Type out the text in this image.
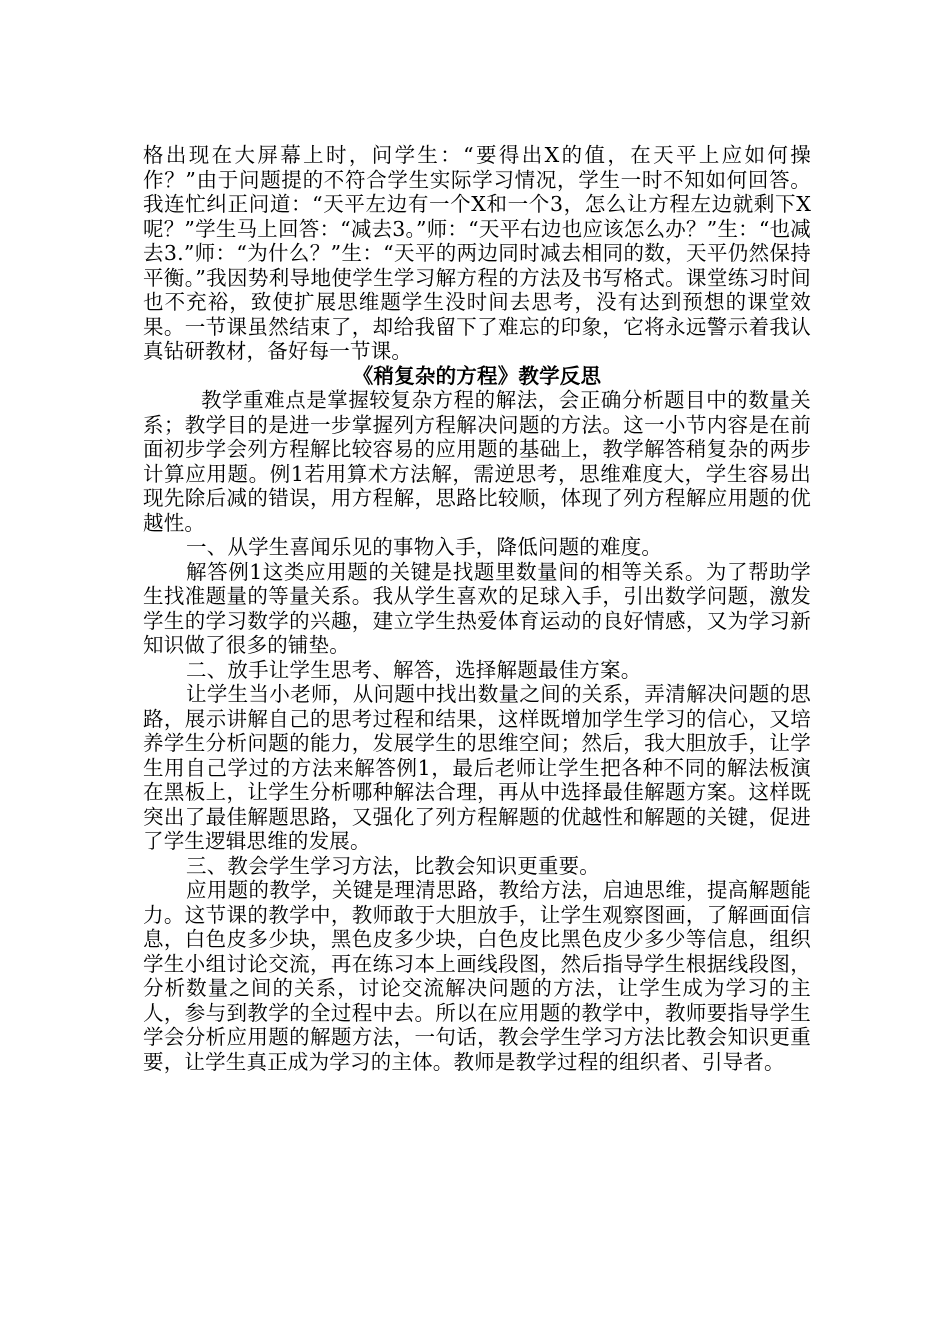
格出现在大屏幕上时，问学生：“要得出X的值，在天平上应如何操作？”由于问题提的不符合学生实际学习情况，学生一时不知如何回答。我连忙纠正问道：“天平左边有一个X和一个3，怎么让方程左边就剩下X呢？”学生马上回答：“减去3。”师：“天平右边也应该怎么办？”生：“也减去3.”师：“为什么？”生：“天平的两边同时减去相同的数，天平仍然保持平衡。”我因势利导地使学生学习解方程的方法及书写格式。课堂练习时间也不充裕，致使扩展思维题学生没时间去思考，没有达到预想的课堂效果。一节课虽然结束了，却给我留下了难忘的印象，它将永远警示着我认真钻研教材，备好每一节课。

《稍复杂的方程》教学反思

教学重难点是掌握较复杂方程的解法，会正确分析题目中的数量关系；教学目的是进一步掌握列方程解决问题的方法。这一小节内容是在前面初步学会列方程解比较容易的应用题的基础上，教学解答稍复杂的两步计算应用题。例1若用算术方法解，需逆思考，思维难度大，学生容易出现先除后减的错误，用方程解，思路比较顺，体现了列方程解应用题的优越性。

一、从学生喜闻乐见的事物入手，降低问题的难度。

解答例1这类应用题的关键是找题里数量间的相等关系。为了帮助学生找准题量的等量关系。我从学生喜欢的足球入手，引出数学问题，激发学生的学习数学的兴趣，建立学生热爱体育运动的良好情感，又为学习新知识做了很多的铺垫。

二、放手让学生思考、解答，选择解题最佳方案。

让学生当小老师，从问题中找出数量之间的关系，弄清解决问题的思路，展示讲解自己的思考过程和结果，这样既增加学生学习的信心，又培养学生分析问题的能力，发展学生的思维空间；然后，我大胆放手，让学生用自己学过的方法来解答例1，最后老师让学生把各种不同的解法板演在黑板上，让学生分析哪种解法合理，再从中选择最佳解题方案。这样既突出了最佳解题思路，又强化了列方程解题的优越性和解题的关键，促进了学生逻辑思维的发展。

三、教会学生学习方法，比教会知识更重要。

应用题的教学，关键是理清思路，教给方法，启迪思维，提高解题能力。这节课的教学中，教师敢于大胆放手，让学生观察图画，了解画面信息，白色皮多少块，黑色皮多少块，白色皮比黑色皮少多少等信息，组织学生小组讨论交流，再在练习本上画线段图，然后指导学生根据线段图，分析数量之间的关系，讨论交流解决问题的方法，让学生成为学习的主人，参与到教学的全过程中去。所以在应用题的教学中，教师要指导学生学会分析应用题的解题方法，一句话，教会学生学习方法比教会知识更重要，让学生真正成为学习的主体。教师是教学过程的组织者、引导者。
